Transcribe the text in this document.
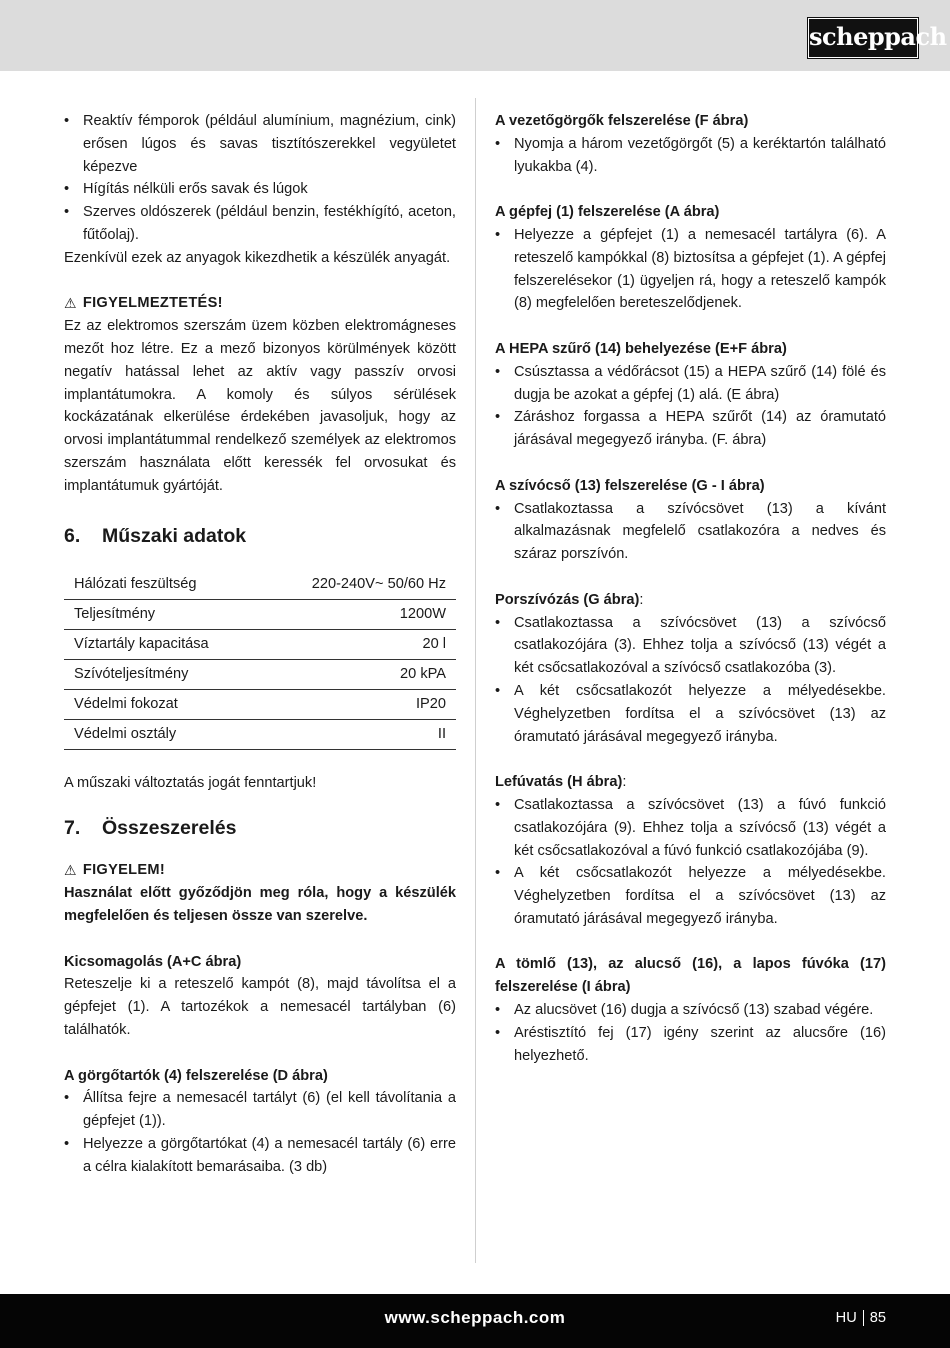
scheppach
• Reaktív fémporok (például alumínium, magnézium, cink) erősen lúgos és savas tisztítószerekkel vegyületet képezve
• Hígítás nélküli erős savak és lúgok
• Szerves oldószerek (például benzin, festékhígító, aceton, fűtőolaj).

Ezenkívül ezek az anyagok kikezdhetik a készülék anyagát.

⚠ FIGYELMEZTETÉS!

Ez az elektromos szerszám üzem közben elektromágneses mezőt hoz létre. Ez a mező bizonyos körülmények között negatív hatással lehet az aktív vagy passzív orvosi implantátumokra. A komoly és súlyos sérülések kockázatának elkerülése érdekében javasoljuk, hogy az orvosi implantátummal rendelkező személyek az elektromos szerszám használata előtt keressék fel orvosukat és implantátumuk gyártóját.

6.	Műszaki adatok
Hálózati feszültség	220-240V~ 50/60 Hz
Teljesítmény	1200W
Víztartály kapacitása	20 l
Szívóteljesítmény	20 kPA
Védelmi fokozat	IP20
Védelmi osztály	II

A műszaki változtatás jogát fenntartjuk!

7.	Összeszerelés
⚠ FIGYELEM!

Használat előtt győződjön meg róla, hogy a készülék megfelelően és teljesen össze van szerelve.

Kicsomagolás (A+C ábra)

Reteszelje ki a reteszelő kampót (8), majd távolítsa el a gépfejet (1). A tartozékok a nemesacél tartályban (6) találhatók.

A görgőtartók (4) felszerelése (D ábra)

• Állítsa fejre a nemesacél tartályt (6) (el kell távolítania a gépfejet (1)).
• Helyezze a görgőtartókat (4) a nemesacél tartály (6) erre a célra kialakított bemarásaiba. (3 db)

A vezetőgörgők felszerelése (F ábra)

• Nyomja a három vezetőgörgőt (5) a keréktartón található lyukakba (4).

A gépfej (1) felszerelése (A ábra)

• Helyezze a gépfejet (1) a nemesacél tartályra (6). A reteszelő kampókkal (8) biztosítsa a gépfejet (1). A gépfej felszerelésekor (1) ügyeljen rá, hogy a reteszelő kampók (8) megfelelően bereteszelődjenek.

A HEPA szűrő (14) behelyezése (E+F ábra)

• Csúsztassa a védőrácsot (15) a HEPA szűrő (14) fölé és dugja be azokat a gépfej (1) alá. (E ábra)
• Záráshoz forgassa a HEPA szűrőt (14) az óramutató járásával megegyező irányba. (F. ábra)

A szívócső (13) felszerelése (G - I ábra)

• Csatlakoztassa a szívócsövet (13) a kívánt alkalmazásnak megfelelő csatlakozóra a nedves és száraz porszívón.

Porszívózás (G ábra):

• Csatlakoztassa a szívócsövet (13) a szívócső csatlakozójára (3). Ehhez tolja a szívócső (13) végét a két csőcsatlakozóval a szívócső csatlakozóba (3).
• A két csőcsatlakozót helyezze a mélyedésekbe. Véghelyzetben fordítsa el a szívócsövet (13) az óramutató járásával megegyező irányba.

Lefúvatás (H ábra):

• Csatlakoztassa a szívócsövet (13) a fúvó funkció csatlakozójára (9). Ehhez tolja a szívócső (13) végét a két csőcsatlakozóval a fúvó funkció csatlakozójába (9).
• A két csőcsatlakozót helyezze a mélyedésekbe. Véghelyzetben fordítsa el a szívócsövet (13) az óramutató járásával megegyező irányba.

A tömlő (13), az alucső (16), a lapos fúvóka (17) felszerelése (I ábra)

• Az alucsövet (16) dugja a szívócső (13) szabad végére.
• Aréstisztító fej (17) igény szerint az alucsőre (16) helyezhető.
www.scheppach.com	HU 85
